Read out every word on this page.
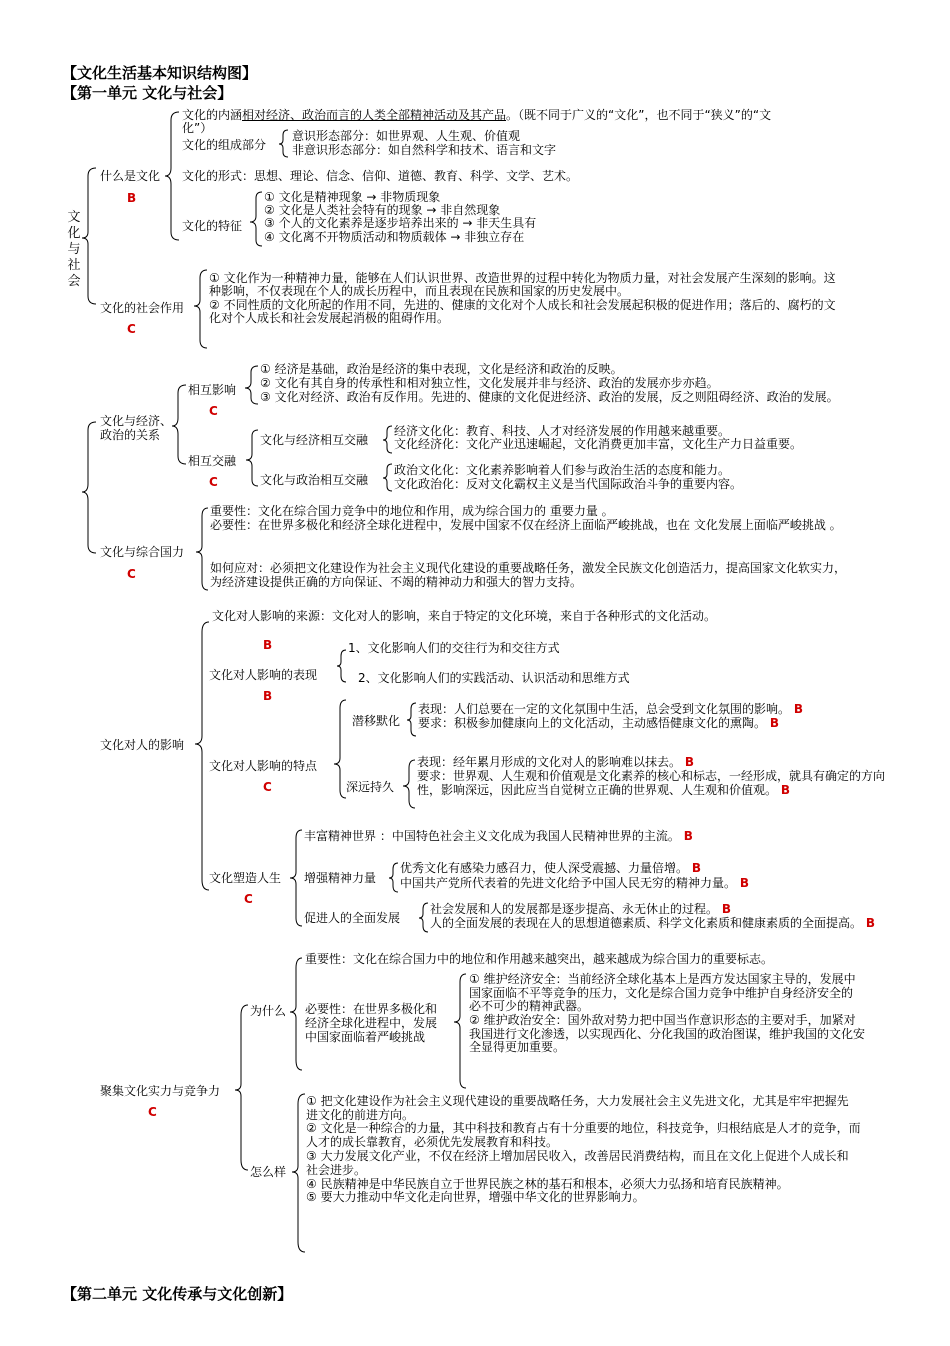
【文化生活基本知识结构图】
【第一单元 文化与社会】
文化与社会
什么是文化
B
文化的内涵相对经济、政治而言的人类全部精神活动及其产品。（既不同于广义的“文化”，也不同于“狭义”的“文
化”）
文化的组成部分
意识形态部分：如世界观、人生观、价值观
非意识形态部分：如自然科学和技术、语言和文字
文化的形式：思想、理论、信念、信仰、道德、教育、科学、文学、艺术。
文化的特征
① 文化是精神现象 → 非物质现象
② 文化是人类社会特有的现象 → 非自然现象
③ 个人的文化素养是逐步培养出来的 → 非天生具有
④ 文化离不开物质活动和物质载体 → 非独立存在
文化的社会作用
C
① 文化作为一种精神力量，能够在人们认识世界、改造世界的过程中转化为物质力量，对社会发展产生深刻的影响。这
种影响，不仅表现在个人的成长历程中，而且表现在民族和国家的历史发展中。
② 不同性质的文化所起的作用不同，先进的、健康的文化对个人成长和社会发展起积极的促进作用；落后的、腐朽的文
化对个人成长和社会发展起消极的阻碍作用。
文化与经济、
政治的关系
相互影响
C
① 经济是基础，政治是经济的集中表现，文化是经济和政治的反映。
② 文化有其自身的传承性和相对独立性，文化发展并非与经济、政治的发展亦步亦趋。
③ 文化对经济、政治有反作用。先进的、健康的文化促进经济、政治的发展，反之则阻碍经济、政治的发展。
相互交融
C
文化与经济相互交融
经济文化化：教育、科技、人才对经济发展的作用越来越重要。
文化经济化：文化产业迅速崛起，文化消费更加丰富，文化生产力日益重要。
文化与政治相互交融
政治文化化：文化素养影响着人们参与政治生活的态度和能力。
文化政治化：反对文化霸权主义是当代国际政治斗争的重要内容。
文化与综合国力
C
重要性：文化在综合国力竞争中的地位和作用，成为综合国力的 重要力量 。
必要性：在世界多极化和经济全球化进程中，发展中国家不仅在经济上面临严峻挑战，也在 文化发展上面临严峻挑战 。
如何应对：必须把文化建设作为社会主义现代化建设的重要战略任务，激发全民族文化创造活力，提高国家文化软实力，
为经济建设提供正确的方向保证、不竭的精神动力和强大的智力支持。
文化对人的影响
文化对人影响的来源：文化对人的影响，来自于特定的文化环境，来自于各种形式的文化活动。
B
文化对人影响的表现
B
1、文化影响人们的交往行为和交往方式
2、文化影响人们的实践活动、认识活动和思维方式
文化对人影响的特点
C
潜移默化
表现：人们总要在一定的文化氛围中生活，总会受到文化氛围的影响。 B
要求：积极参加健康向上的文化活动，主动感悟健康文化的熏陶。 B
深远持久
表现：经年累月形成的文化对人的影响难以抹去。 B
要求：世界观、人生观和价值观是文化素养的核心和标志，一经形成，就具有确定的方向
性，影响深远，因此应当自觉树立正确的世界观、人生观和价值观。 B
文化塑造人生
C
丰富精神世界 ：中国特色社会主义文化成为我国人民精神世界的主流。 B
增强精神力量
优秀文化有感染力感召力，使人深受震撼、力量倍增。 B
中国共产党所代表着的先进文化给予中国人民无穷的精神力量。 B
促进人的全面发展
社会发展和人的发展都是逐步提高、永无休止的过程。 B
人的全面发展的表现在人的思想道德素质、科学文化素质和健康素质的全面提高。 B
聚集文化实力与竞争力
C
为什么
重要性：文化在综合国力中的地位和作用越来越突出，越来越成为综合国力的重要标志。
必要性：在世界多极化和
经济全球化进程中，发展
中国家面临着严峻挑战
① 维护经济安全：当前经济全球化基本上是西方发达国家主导的，发展中
国家面临不平等竞争的压力，文化是综合国力竞争中维护自身经济安全的
必不可少的精神武器。
② 维护政治安全：国外敌对势力把中国当作意识形态的主要对手，加紧对
我国进行文化渗透，以实现西化、分化我国的政治图谋，维护我国的文化安
全显得更加重要。
怎么样
① 把文化建设作为社会主义现代建设的重要战略任务，大力发展社会主义先进文化，尤其是牢牢把握先
进文化的前进方向。
② 文化是一种综合的力量，其中科技和教育占有十分重要的地位，科技竞争，归根结底是人才的竞争，而
人才的成长靠教育，必须优先发展教育和科技。
③ 大力发展文化产业，不仅在经济上增加居民收入，改善居民消费结构，而且在文化上促进个人成长和
社会进步。
④ 民族精神是中华民族自立于世界民族之林的基石和根本，必须大力弘扬和培育民族精神。
⑤ 要大力推动中华文化走向世界，增强中华文化的世界影响力。
【第二单元 文化传承与文化创新】
